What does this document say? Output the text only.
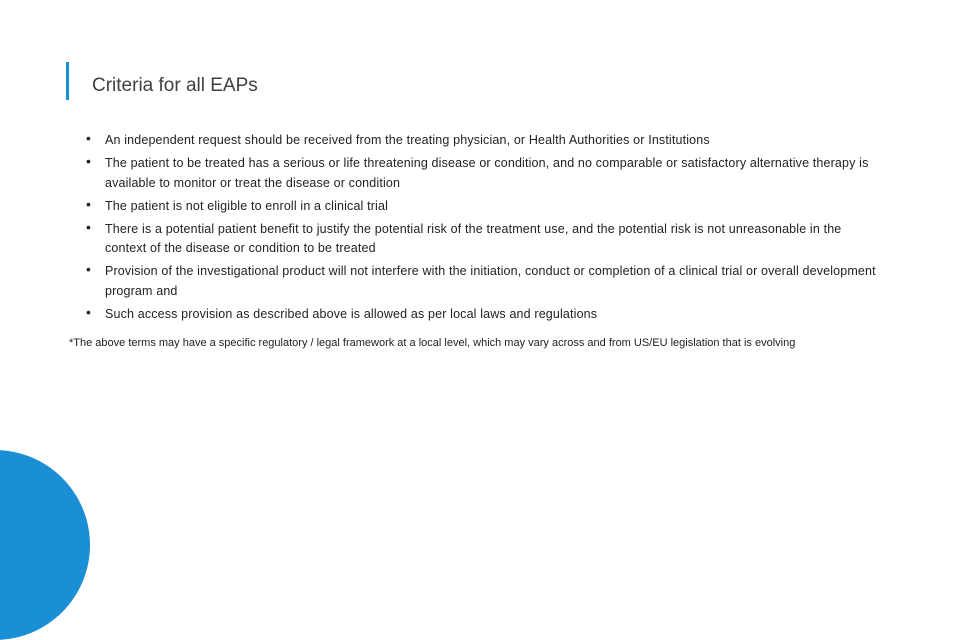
Criteria for all EAPs
• An independent request should be received from the treating physician, or Health Authorities or Institutions
• The patient to be treated has a serious or life threatening disease or condition, and no comparable or satisfactory alternative therapy is available to monitor or treat the disease or condition
• The patient is not eligible to enroll in a clinical trial
• There is a potential patient benefit to justify the potential risk of the treatment use, and the potential risk is not unreasonable in the context of the disease or condition to be treated
• Provision of the investigational product will not interfere with the initiation, conduct or completion of a clinical trial or overall development program and
• Such access provision as described above is allowed as per local laws and regulations
*The above terms may have a specific regulatory / legal framework at a local level, which may vary across and from US/EU legislation that is evolving
